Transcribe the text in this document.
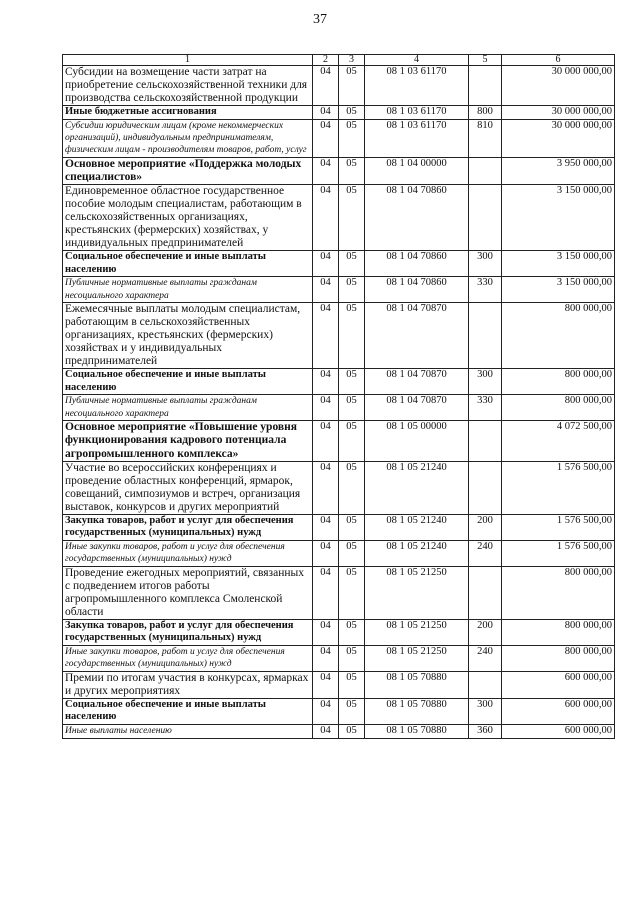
37
1	2	3	4	5	6
Субсидии на возмещение части затрат на приобретение сельскохозяйственной техники для производства сельскохозяйственной продукции	04	05	08 1 03 61170		30 000 000,00
Иные бюджетные ассигнования	04	05	08 1 03 61170	800	30 000 000,00
Субсидии юридическим лицам (кроме некоммерческих организаций), индивидуальным предпринимателям, физическим лицам - производителям товаров, работ, услуг	04	05	08 1 03 61170	810	30 000 000,00
Основное мероприятие «Поддержка молодых специалистов»	04	05	08 1 04 00000		3 950 000,00
Единовременное областное государственное пособие молодым специалистам, работающим в сельскохозяйственных организациях, крестьянских (фермерских) хозяйствах, у индивидуальных предпринимателей	04	05	08 1 04 70860		3 150 000,00
Социальное обеспечение и иные выплаты населению	04	05	08 1 04 70860	300	3 150 000,00
Публичные нормативные выплаты гражданам несоциального характера	04	05	08 1 04 70860	330	3 150 000,00
Ежемесячные выплаты молодым специалистам, работающим в сельскохозяйственных организациях, крестьянских (фермерских) хозяйствах и у индивидуальных предпринимателей	04	05	08 1 04 70870		800 000,00
Социальное обеспечение и иные выплаты населению	04	05	08 1 04 70870	300	800 000,00
Публичные нормативные выплаты гражданам несоциального характера	04	05	08 1 04 70870	330	800 000,00
Основное мероприятие «Повышение уровня функционирования кадрового потенциала агропромышленного комплекса»	04	05	08 1 05 00000		4 072 500,00
Участие во всероссийских конференциях и проведение областных конференций, ярмарок, совещаний, симпозиумов и встреч, организация выставок, конкурсов и других мероприятий	04	05	08 1 05 21240		1 576 500,00
Закупка товаров, работ и услуг для обеспечения государственных (муниципальных) нужд	04	05	08 1 05 21240	200	1 576 500,00
Иные закупки товаров, работ и услуг для обеспечения государственных (муниципальных) нужд	04	05	08 1 05 21240	240	1 576 500,00
Проведение ежегодных мероприятий, связанных с подведением итогов работы агропромышленного комплекса Смоленской области	04	05	08 1 05 21250		800 000,00
Закупка товаров, работ и услуг для обеспечения государственных (муниципальных) нужд	04	05	08 1 05 21250	200	800 000,00
Иные закупки товаров, работ и услуг для обеспечения государственных (муниципальных) нужд	04	05	08 1 05 21250	240	800 000,00
Премии по итогам участия в конкурсах, ярмарках и других мероприятиях	04	05	08 1 05 70880		600 000,00
Социальное обеспечение и иные выплаты населению	04	05	08 1 05 70880	300	600 000,00
Иные выплаты населению	04	05	08 1 05 70880	360	600 000,00
